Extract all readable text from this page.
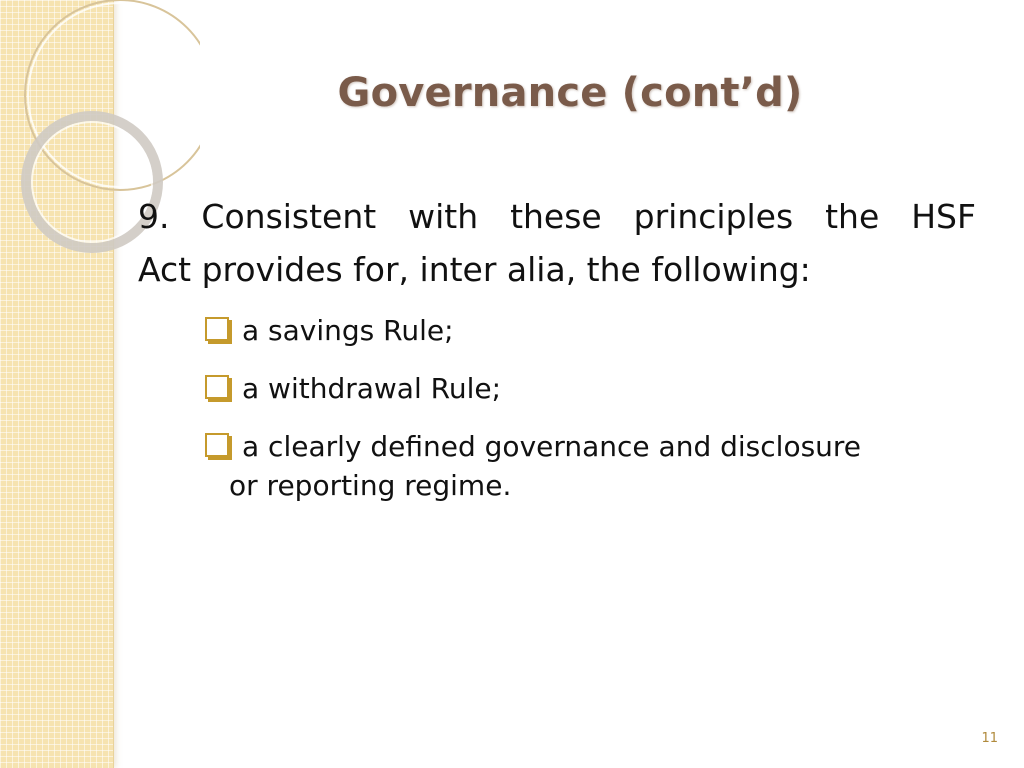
Governance (cont’d)
9. Consistent with these principles the HSF
Act provides for, inter alia, the following:
a savings Rule;
a withdrawal Rule;
a clearly defined governance and disclosure
or reporting regime.
11
